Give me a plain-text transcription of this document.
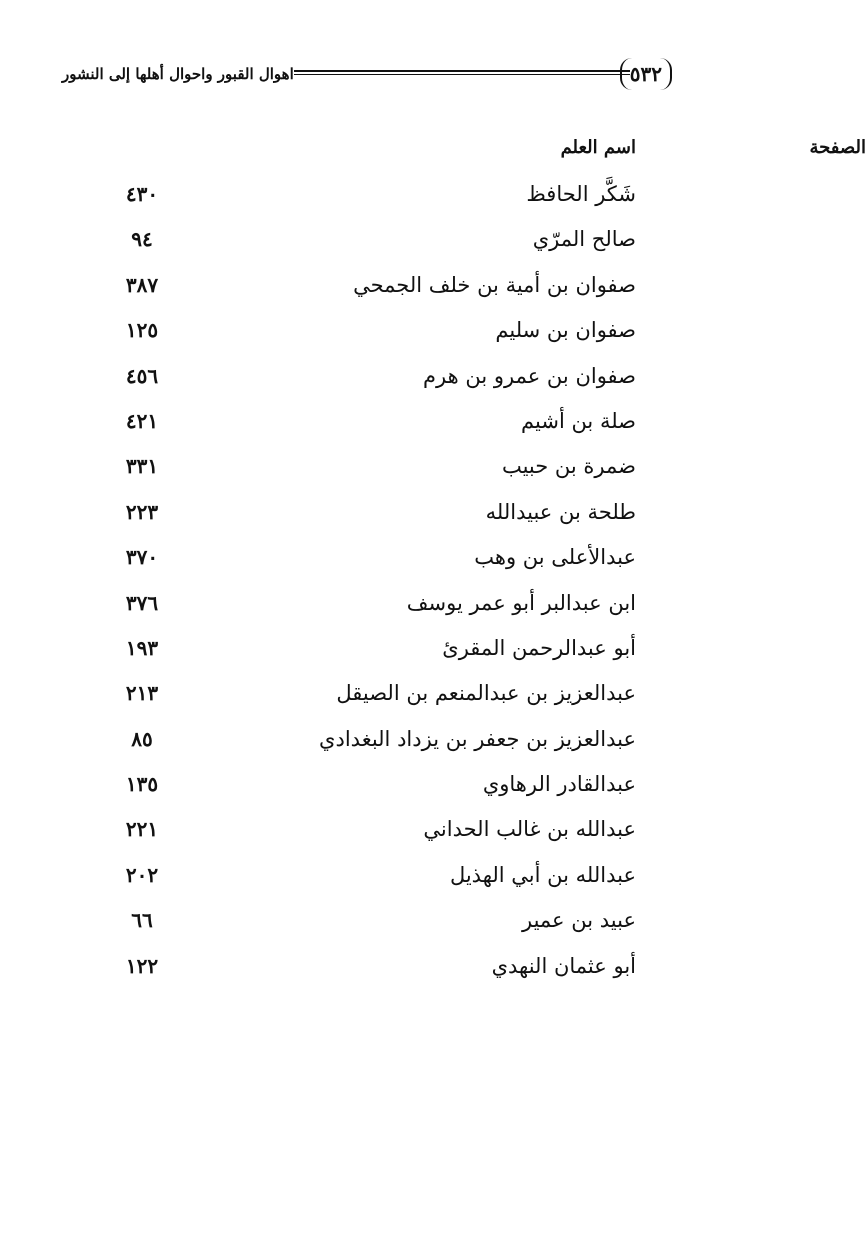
٥٣٢
اهوال القبور واحوال أهلها إلى النشور
اسم العلم	الصفحة
شَكَّر الحافظ
٤٣٠
صالح المرّي
٩٤
صفوان بن أمية بن خلف الجمحي
٣٨٧
صفوان بن سليم
١٢٥
صفوان بن عمرو بن هرم
٤٥٦
صلة بن أشيم
٤٢١
ضمرة بن حبيب
٣٣١
طلحة بن عبيدالله
٢٢٣
عبدالأعلى بن وهب
٣٧٠
ابن عبدالبر أبو عمر يوسف
٣٧٦
أبو عبدالرحمن المقرئ
١٩٣
عبدالعزيز بن عبدالمنعم بن الصيقل
٢١٣
عبدالعزيز بن جعفر بن يزداد البغدادي
٨٥
عبدالقادر الرهاوي
١٣٥
عبدالله بن غالب الحداني
٢٢١
عبدالله بن أبي الهذيل
٢٠٢
عبيد بن عمير
٦٦
أبو عثمان النهدي
١٢٢
